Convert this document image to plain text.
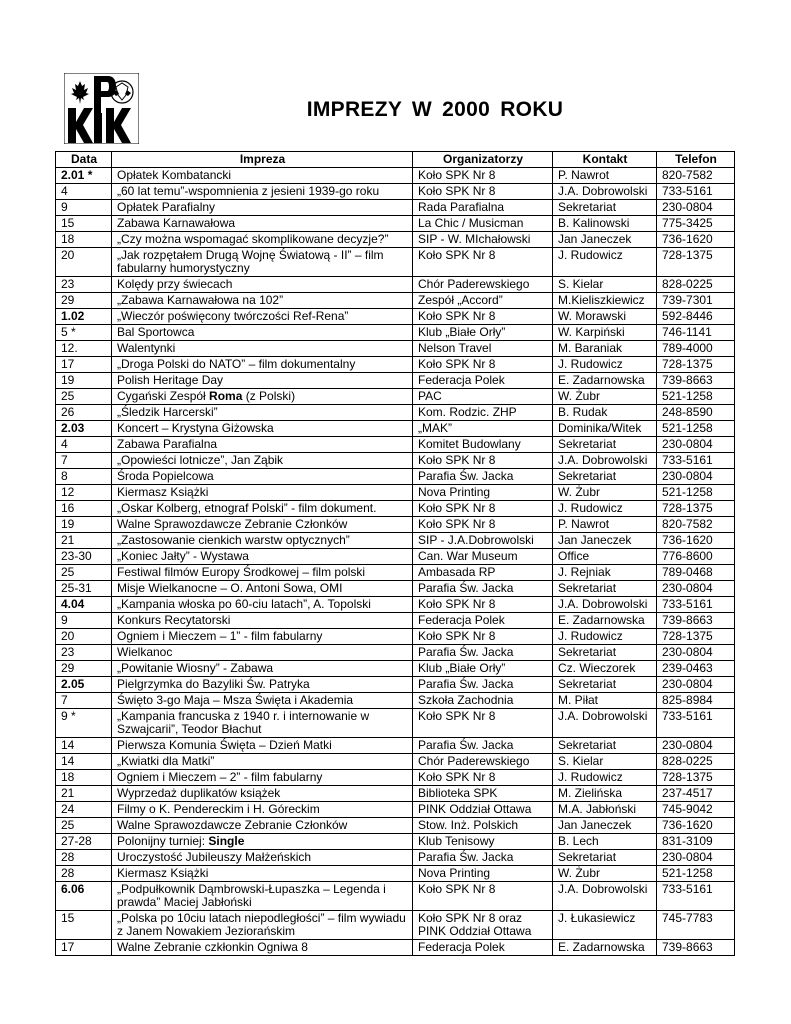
IMPREZY W 2000 ROKU
Data	Impreza	Organizatorzy	Kontakt	Telefon
2.01 *	Opłatek Kombatancki	Koło SPK Nr 8	P. Nawrot	820-7582
4	„60 lat temu”-wspomnienia z jesieni 1939-go roku	Koło SPK Nr 8	J.A. Dobrowolski	733-5161
9	Opłatek Parafialny	Rada Parafialna	Sekretariat	230-0804
15	Zabawa Karnawałowa	La Chic / Musicman	B. Kalinowski	775-3425
18	„Czy można wspomagać skomplikowane decyzje?”	SIP - W. MIchałowski	Jan Janeczek	736-1620
20	„Jak rozpętałem Drugą Wojnę Światową - II” – film fabularny humorystyczny	Koło SPK Nr 8	J. Rudowicz	728-1375
23	Kolędy przy świecach	Chór Paderewskiego	S. Kielar	828-0225
29	„Zabawa Karnawałowa na 102”	Zespół „Accord”	M.Kieliszkiewicz	739-7301
1.02	„Wieczór poświęcony twórczości Ref-Rena”	Koło SPK Nr 8	W. Morawski	592-8446
5 *	Bal Sportowca	Klub „Białe Orły”	W. Karpiński	746-1141
12.	Walentynki	Nelson Travel	M. Baraniak	789-4000
17	„Droga Polski do NATO” – film dokumentalny	Koło SPK Nr 8	J. Rudowicz	728-1375
19	Polish Heritage Day	Federacja Polek	E. Zadarnowska	739-8663
25	Cygański Zespół Roma (z Polski)	PAC	W. Żubr	521-1258
26	„Śledzik Harcerski”	Kom. Rodzic. ZHP	B. Rudak	248-8590
2.03	Koncert – Krystyna Giżowska	„MAK”	Dominika/Witek	521-1258
4	Zabawa Parafialna	Komitet Budowlany	Sekretariat	230-0804
7	„Opowieści lotnicze”, Jan Ząbik	Koło SPK Nr 8	J.A. Dobrowolski	733-5161
8	Środa Popielcowa	Parafia Św. Jacka	Sekretariat	230-0804
12	Kiermasz Książki	Nova Printing	W. Żubr	521-1258
16	„Oskar Kolberg, etnograf Polski” - film dokument.	Koło SPK Nr 8	J. Rudowicz	728-1375
19	Walne Sprawozdawcze Zebranie Członków	Koło SPK Nr 8	P. Nawrot	820-7582
21	„Zastosowanie cienkich warstw optycznych”	SIP - J.A.Dobrowolski	Jan Janeczek	736-1620
23-30	„Koniec Jałty” - Wystawa	Can. War Museum	Office	776-8600
25	Festiwal filmów Europy Środkowej – film polski	Ambasada RP	J. Rejniak	789-0468
25-31	Misje Wielkanocne – O. Antoni Sowa, OMI	Parafia Św. Jacka	Sekretariat	230-0804
4.04	„Kampania włoska po 60-ciu latach”, A. Topolski	Koło SPK Nr 8	J.A. Dobrowolski	733-5161
9	Konkurs Recytatorski	Federacja Polek	E. Zadarnowska	739-8663
20	Ogniem i Mieczem – 1” - film fabularny	Koło SPK Nr 8	J. Rudowicz	728-1375
23	Wielkanoc	Parafia Św. Jacka	Sekretariat	230-0804
29	„Powitanie Wiosny” - Zabawa	Klub „Białe Orły”	Cz. Wieczorek	239-0463
2.05	Pielgrzymka do Bazyliki Św. Patryka	Parafia Św. Jacka	Sekretariat	230-0804
7	Święto 3-go Maja – Msza Święta i Akademia	Szkoła Zachodnia	M. Piłat	825-8984
9 *	„Kampania francuska z 1940 r. i internowanie w Szwajcarii”, Teodor Błachut	Koło SPK Nr 8	J.A. Dobrowolski	733-5161
14	Pierwsza Komunia Święta – Dzień Matki	Parafia Św. Jacka	Sekretariat	230-0804
14	„Kwiatki dla Matki”	Chór Paderewskiego	S. Kielar	828-0225
18	Ogniem i Mieczem – 2” - film fabularny	Koło SPK Nr 8	J. Rudowicz	728-1375
21	Wyprzedaż duplikatów książek	Biblioteka SPK	M. Zielińska	237-4517
24	Filmy o K. Pendereckim i H. Góreckim	PINK Oddział Ottawa	M.A. Jabłoński	745-9042
25	Walne Sprawozdawcze Zebranie Członków	Stow. Inż. Polskich	Jan Janeczek	736-1620
27-28	Polonijny turniej: Single	Klub Tenisowy	B. Lech	831-3109
28	Uroczystość Jubileuszy Małżeńskich	Parafia Św. Jacka	Sekretariat	230-0804
28	Kiermasz Książki	Nova Printing	W. Żubr	521-1258
6.06	„Podpułkownik Dąmbrowski-Łupaszka – Legenda i prawda” Maciej Jabłoński	Koło SPK Nr 8	J.A. Dobrowolski	733-5161
15	„Polska po 10ciu latach niepodległości” – film wywiadu z Janem Nowakiem Jeziorańskim	Koło SPK Nr 8 oraz PINK Oddział Ottawa	J. Łukasiewicz	745-7783
17	Walne Zebranie czkłonkin Ogniwa 8	Federacja Polek	E. Zadarnowska	739-8663
